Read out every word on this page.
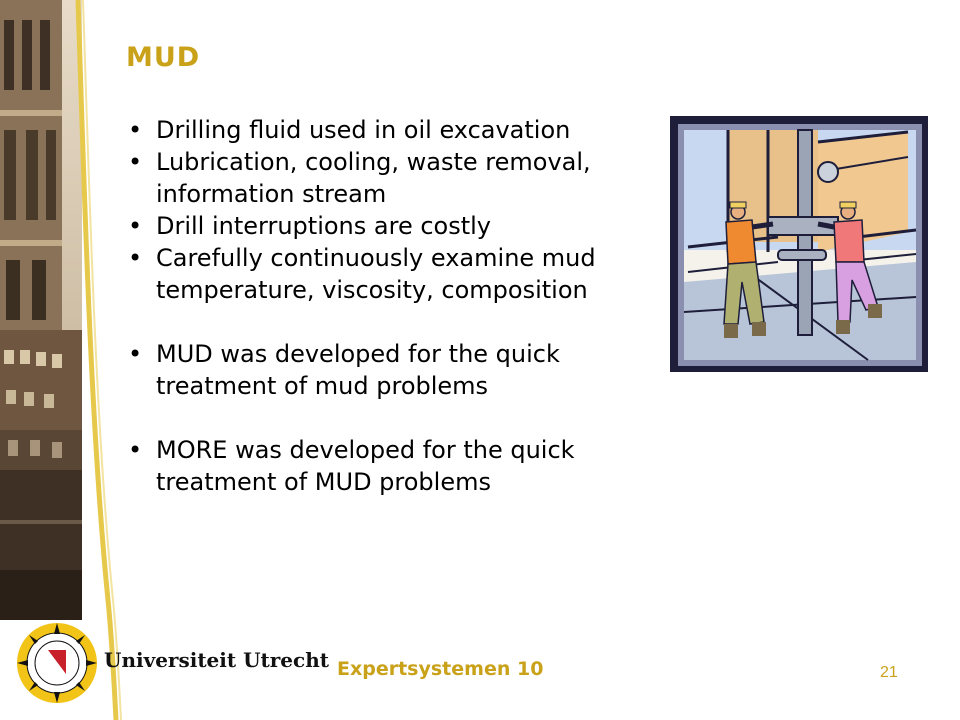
MUD
• Drilling fluid used in oil excavation
• Lubrication, cooling, waste removal, information stream
• Drill interruptions are costly
• Carefully continuously examine mud temperature, viscosity, composition
• MUD was developed for the quick treatment of mud problems
• MORE was developed for the quick treatment of MUD problems
Universiteit Utrecht Expertsystemen 10	21
